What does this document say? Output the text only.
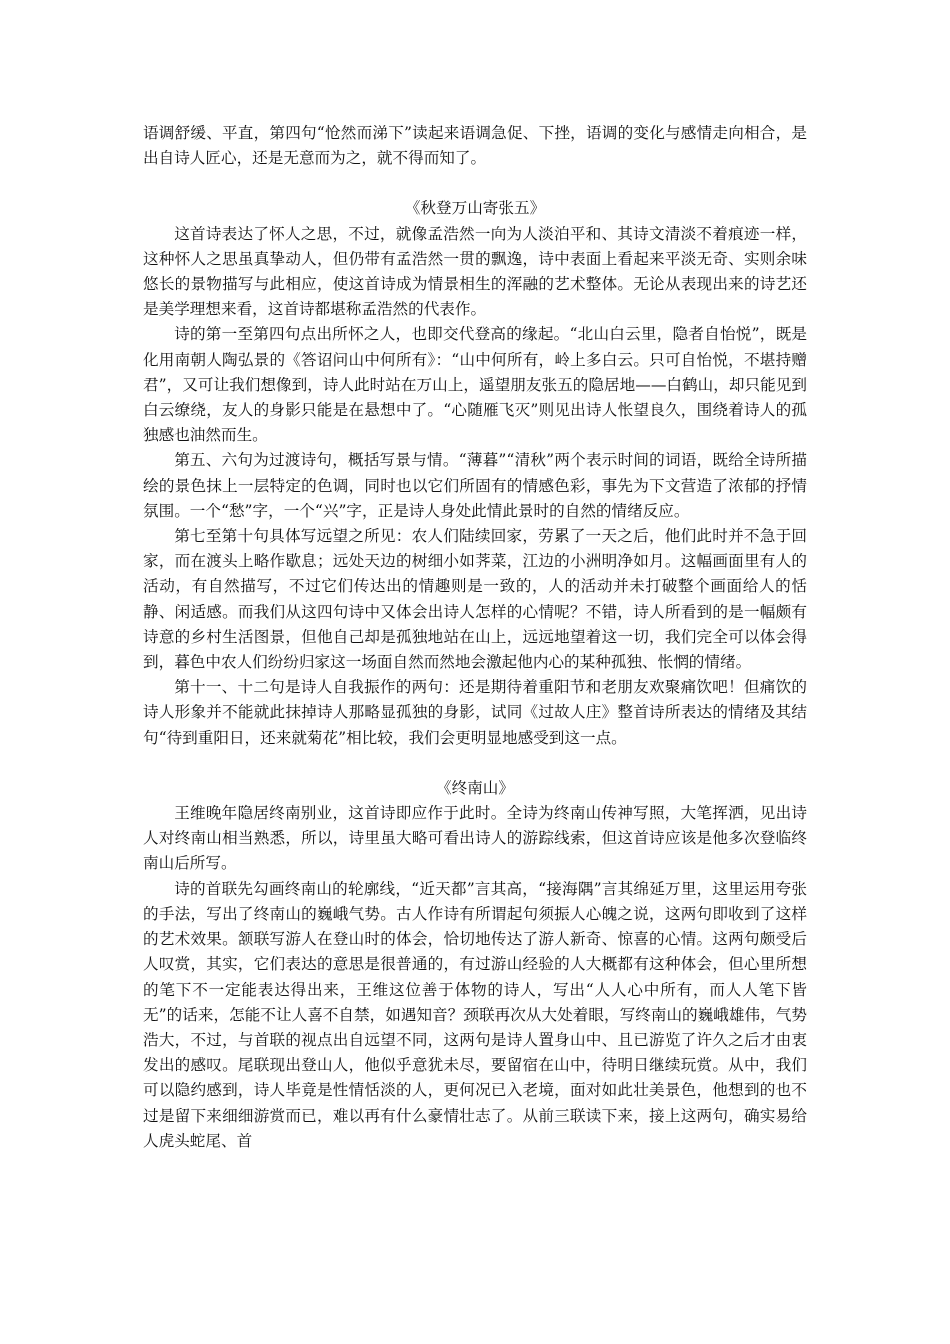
语调舒缓、平直，第四句“怆然而涕下”读起来语调急促、下挫，语调的变化与感情走向相合，是出自诗人匠心，还是无意而为之，就不得而知了。

《秋登万山寄张五》

这首诗表达了怀人之思，不过，就像孟浩然一向为人淡泊平和、其诗文清淡不着痕迹一样，这种怀人之思虽真挚动人，但仍带有孟浩然一贯的飘逸，诗中表面上看起来平淡无奇、实则余味悠长的景物描写与此相应，使这首诗成为情景相生的浑融的艺术整体。无论从表现出来的诗艺还是美学理想来看，这首诗都堪称孟浩然的代表作。

诗的第一至第四句点出所怀之人，也即交代登高的缘起。“北山白云里，隐者自怡悦”，既是化用南朝人陶弘景的《答诏问山中何所有》：“山中何所有，岭上多白云。只可自怡悦，不堪持赠君”，又可让我们想像到，诗人此时站在万山上，遥望朋友张五的隐居地——白鹤山，却只能见到白云缭绕，友人的身影只能是在悬想中了。“心随雁飞灭”则见出诗人怅望良久，围绕着诗人的孤独感也油然而生。

第五、六句为过渡诗句，概括写景与情。“薄暮”“清秋”两个表示时间的词语，既给全诗所描绘的景色抹上一层特定的色调，同时也以它们所固有的情感色彩，事先为下文营造了浓郁的抒情氛围。一个“愁”字，一个“兴”字，正是诗人身处此情此景时的自然的情绪反应。

第七至第十句具体写远望之所见：农人们陆续回家，劳累了一天之后，他们此时并不急于回家，而在渡头上略作歇息；远处天边的树细小如荠菜，江边的小洲明净如月。这幅画面里有人的活动，有自然描写，不过它们传达出的情趣则是一致的，人的活动并未打破整个画面给人的恬静、闲适感。而我们从这四句诗中又体会出诗人怎样的心情呢？不错，诗人所看到的是一幅颇有诗意的乡村生活图景，但他自己却是孤独地站在山上，远远地望着这一切，我们完全可以体会得到，暮色中农人们纷纷归家这一场面自然而然地会激起他内心的某种孤独、怅惘的情绪。

第十一、十二句是诗人自我振作的两句：还是期待着重阳节和老朋友欢聚痛饮吧！但痛饮的诗人形象并不能就此抹掉诗人那略显孤独的身影，试同《过故人庄》整首诗所表达的情绪及其结句“待到重阳日，还来就菊花”相比较，我们会更明显地感受到这一点。

《终南山》

王维晚年隐居终南别业，这首诗即应作于此时。全诗为终南山传神写照，大笔挥洒，见出诗人对终南山相当熟悉，所以，诗里虽大略可看出诗人的游踪线索，但这首诗应该是他多次登临终南山后所写。

诗的首联先勾画终南山的轮廓线，“近天都”言其高，“接海隅”言其绵延万里，这里运用夸张的手法，写出了终南山的巍峨气势。古人作诗有所谓起句须振人心魄之说，这两句即收到了这样的艺术效果。颔联写游人在登山时的体会，恰切地传达了游人新奇、惊喜的心情。这两句颇受后人叹赏，其实，它们表达的意思是很普通的，有过游山经验的人大概都有这种体会，但心里所想的笔下不一定能表达得出来，王维这位善于体物的诗人，写出“人人心中所有，而人人笔下皆无”的话来，怎能不让人喜不自禁，如遇知音？颈联再次从大处着眼，写终南山的巍峨雄伟，气势浩大，不过，与首联的视点出自远望不同，这两句是诗人置身山中、且已游览了许久之后才由衷发出的感叹。尾联现出登山人，他似乎意犹未尽，要留宿在山中，待明日继续玩赏。从中，我们可以隐约感到，诗人毕竟是性情恬淡的人，更何况已入老境，面对如此壮美景色，他想到的也不过是留下来细细游赏而已，难以再有什么豪情壮志了。从前三联读下来，接上这两句，确实易给人虎头蛇尾、首
